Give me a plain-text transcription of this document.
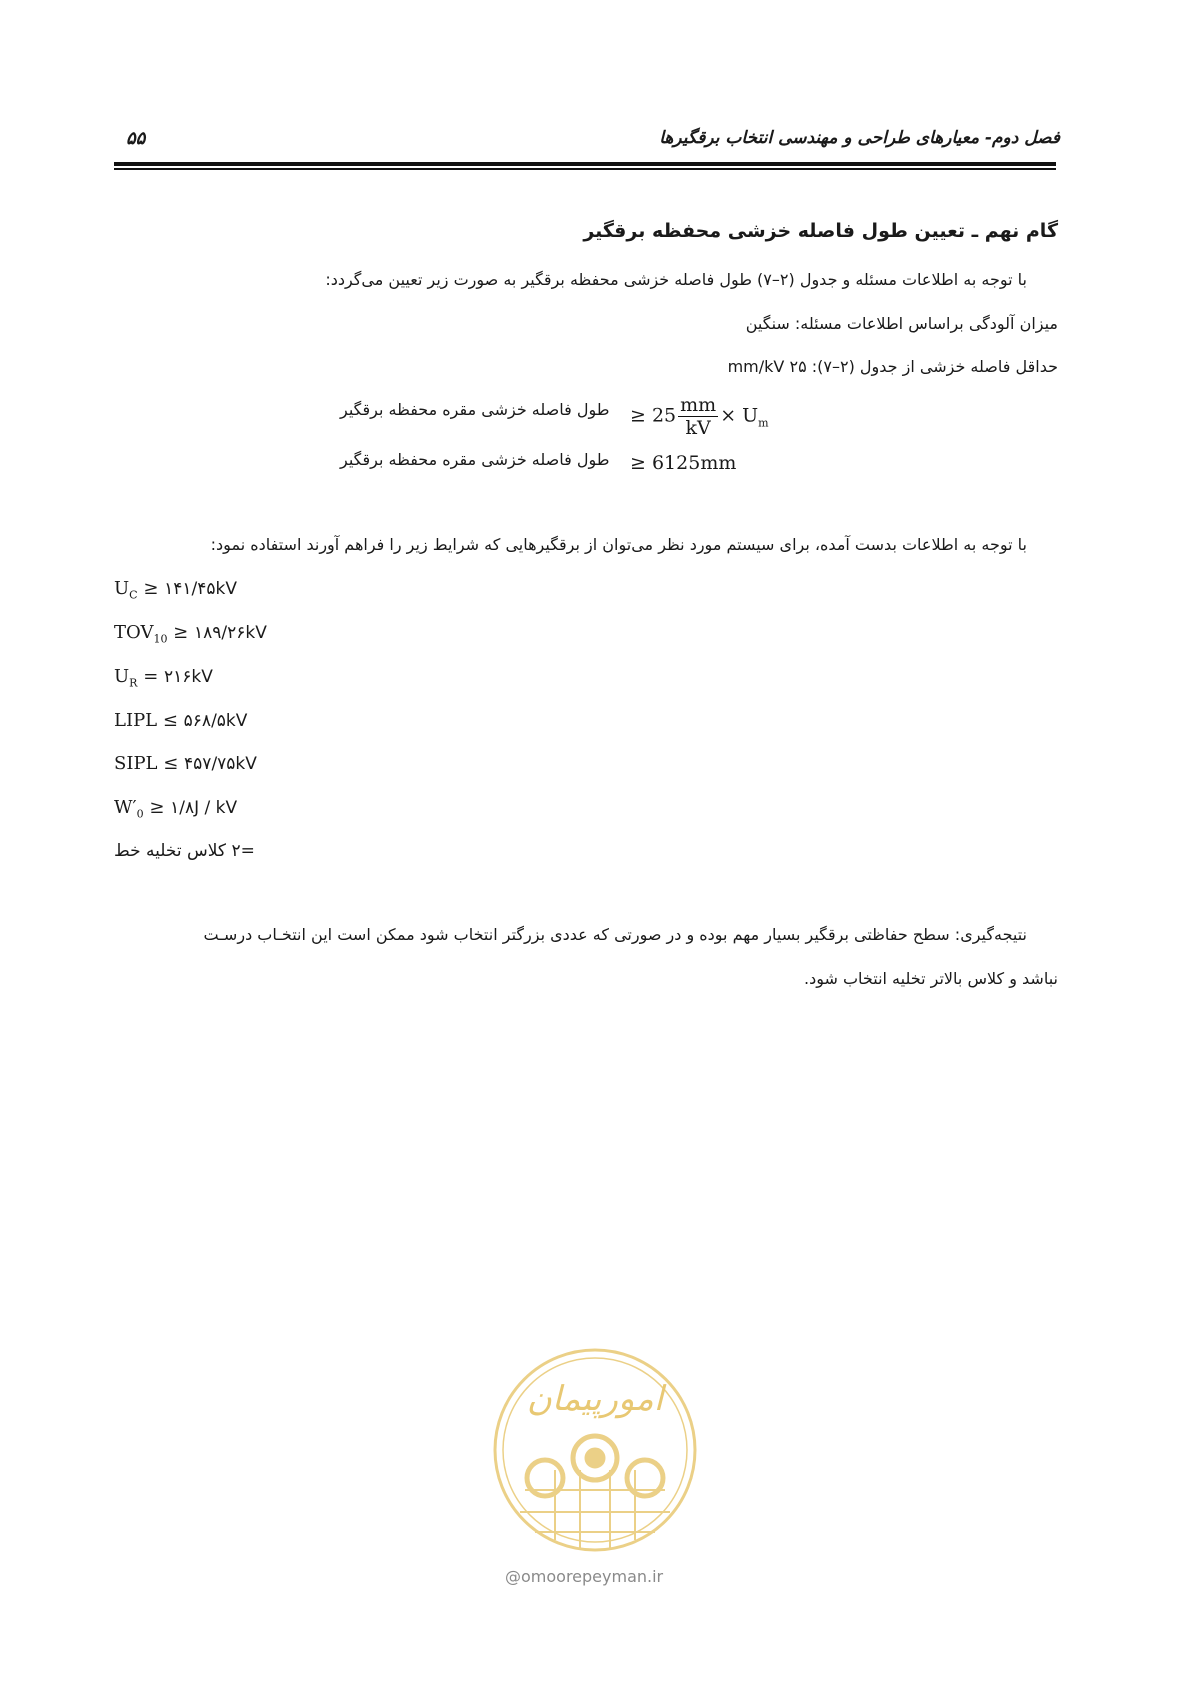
فصل دوم- معیارهای طراحی و مهندسی انتخاب برقگیرها
۵۵
گام نهم ـ تعیین طول فاصله خزشی محفظه برقگیر
با توجه به اطلاعات مسئله و جدول (۲–۷) طول فاصله خزشی محفظه برقگیر به صورت زیر تعیین می‌گردد:
میزان آلودگی براساس اطلاعات مسئله: سنگین
حداقل فاصله خزشی از جدول (۲–۷): ۲۵ mm/kV
طول فاصله خزشی مقره محفظه برقگیر ≥ $25 \frac{mm}{kV} \times U_m$
طول فاصله خزشی مقره محفظه برقگیر ≥ 6125mm
با توجه به اطلاعات بدست آمده، برای سیستم مورد نظر می‌توان از برقگیرهایی که شرایط زیر را فراهم آورند استفاده نمود:
$U_C$ ≥ ۱۴۱/۴۵kV
$TOV_{10}$ ≥ ۱۸۹/۲۶kV
$U_R$ = ۲۱۶kV
LIPL ≤ ۵۶۸/۵kV
SIPL ≤ ۴۵۷/۷۵kV
$W'_0$ ≥ ۱/۸J / kV
=۲ کلاس تخلیه خط
نتیجه‌گیری: سطح حفاظتی برقگیر بسیار مهم بوده و در صورتی که عددی بزرگتر انتخاب شود ممکن است این انتخـاب درسـت
نباشد و کلاس بالاتر تخلیه انتخاب شود.
امورپیمان
@omoorepeyman.ir
